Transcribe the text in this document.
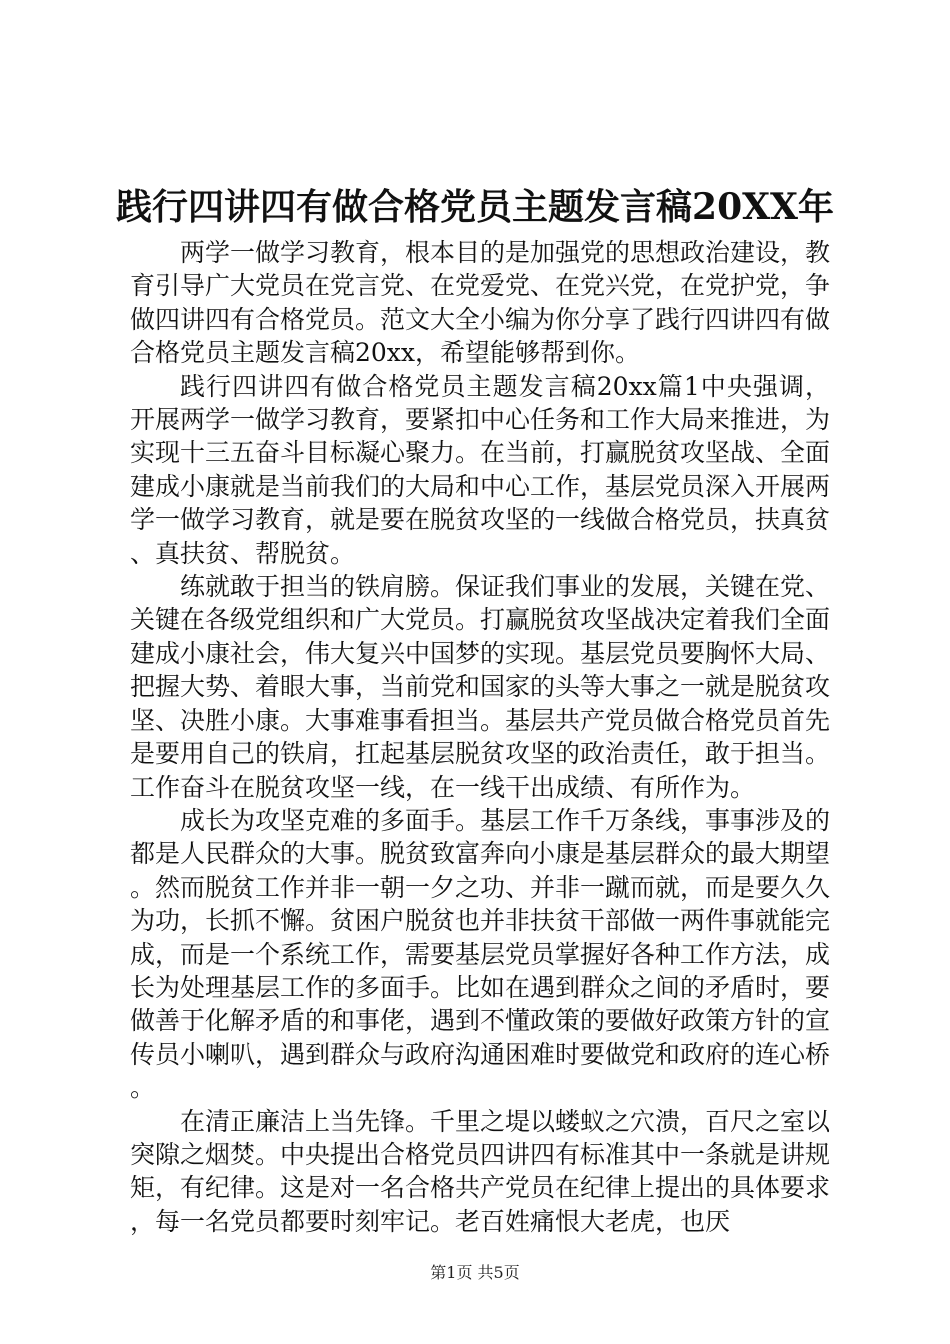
践行四讲四有做合格党员主题发言稿20XX年

两学一做学习教育，根本目的是加强党的思想政治建设，教育引导广大党员在党言党、在党爱党、在党兴党，在党护党，争做四讲四有合格党员。范文大全小编为你分享了践行四讲四有做合格党员主题发言稿20xx，希望能够帮到你。

践行四讲四有做合格党员主题发言稿20xx篇1中央强调，开展两学一做学习教育，要紧扣中心任务和工作大局来推进，为实现十三五奋斗目标凝心聚力。在当前，打赢脱贫攻坚战、全面建成小康就是当前我们的大局和中心工作，基层党员深入开展两学一做学习教育，就是要在脱贫攻坚的一线做合格党员，扶真贫、真扶贫、帮脱贫。

练就敢于担当的铁肩膀。保证我们事业的发展，关键在党、关键在各级党组织和广大党员。打赢脱贫攻坚战决定着我们全面建成小康社会，伟大复兴中国梦的实现。基层党员要胸怀大局、把握大势、着眼大事，当前党和国家的头等大事之一就是脱贫攻坚、决胜小康。大事难事看担当。基层共产党员做合格党员首先是要用自己的铁肩，扛起基层脱贫攻坚的政治责任，敢于担当。工作奋斗在脱贫攻坚一线，在一线干出成绩、有所作为。

成长为攻坚克难的多面手。基层工作千万条线，事事涉及的都是人民群众的大事。脱贫致富奔向小康是基层群众的最大期望。然而脱贫工作并非一朝一夕之功、并非一蹴而就，而是要久久为功，长抓不懈。贫困户脱贫也并非扶贫干部做一两件事就能完成，而是一个系统工作，需要基层党员掌握好各种工作方法，成长为处理基层工作的多面手。比如在遇到群众之间的矛盾时，要做善于化解矛盾的和事佬，遇到不懂政策的要做好政策方针的宣传员小喇叭，遇到群众与政府沟通困难时要做党和政府的连心桥。

在清正廉洁上当先锋。千里之堤以蝼蚁之穴溃，百尺之室以突隙之烟焚。中央提出合格党员四讲四有标准其中一条就是讲规矩，有纪律。这是对一名合格共产党员在纪律上提出的具体要求，每一名党员都要时刻牢记。老百姓痛恨大老虎，也厌

第1页 共5页
